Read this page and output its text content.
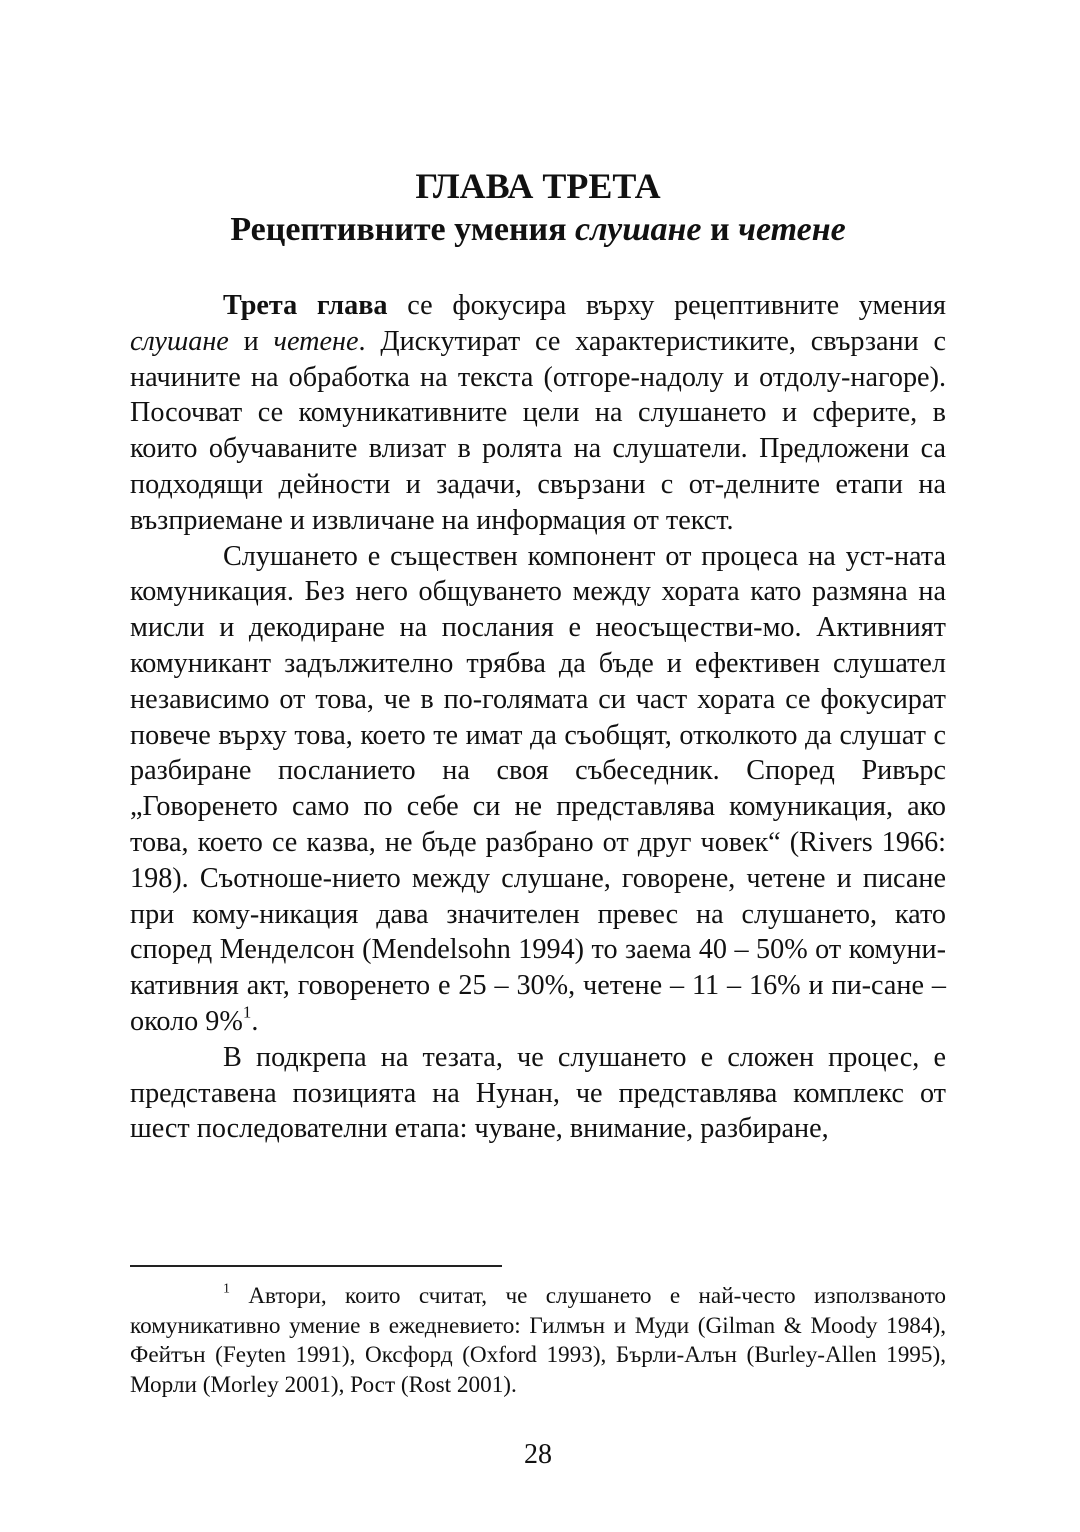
ГЛАВА ТРЕТА
Рецептивните умения слушане и четене

Трета глава се фокусира върху рецептивните умения слушане и четене. Дискутират се характеристиките, свързани с начините на обработка на текста (отгоре-надолу и отдолу-нагоре). Посочват се комуникативните цели на слушането и сферите, в които обучаваните влизат в ролята на слушатели. Предложени са подходящи дейности и задачи, свързани с от-делните етапи на възприемане и извличане на информация от текст.

Слушането е съществен компонент от процеса на уст-ната комуникация. Без него общуването между хората като размяна на мисли и декодиране на послания е неосъществи-мо. Активният комуникант задължително трябва да бъде и ефективен слушател независимо от това, че в по-голямата си част хората се фокусират повече върху това, което те имат да съобщят, отколкото да слушат с разбиране посланието на своя събеседник. Според Ривърс „Говоренето само по себе си не представлява комуникация, ако това, което се казва, не бъде разбрано от друг човек“ (Rivers 1966: 198). Съотноше-нието между слушане, говорене, четене и писане при кому-никация дава значителен превес на слушането, като според Менделсон (Mendelsohn 1994) то заема 40 – 50% от комуни-кативния акт, говоренето е 25 – 30%, четене – 11 – 16% и пи-сане – около 9%$^1$.

В подкрепа на тезата, че слушането е сложен процес, е представена позицията на Нунан, че представлява комплекс от шест последователни етапа: чуване, внимание, разбиране,

$^1$ Автори, които считат, че слушането е най-често използваното комуникативно умение в ежедневието: Гилмън и Муди (Gilman & Moody 1984), Фейтън (Feyten 1991), Оксфорд (Oxford 1993), Бърли-Алън (Burley-Allen 1995), Морли (Morley 2001), Рост (Rost 2001).
28
